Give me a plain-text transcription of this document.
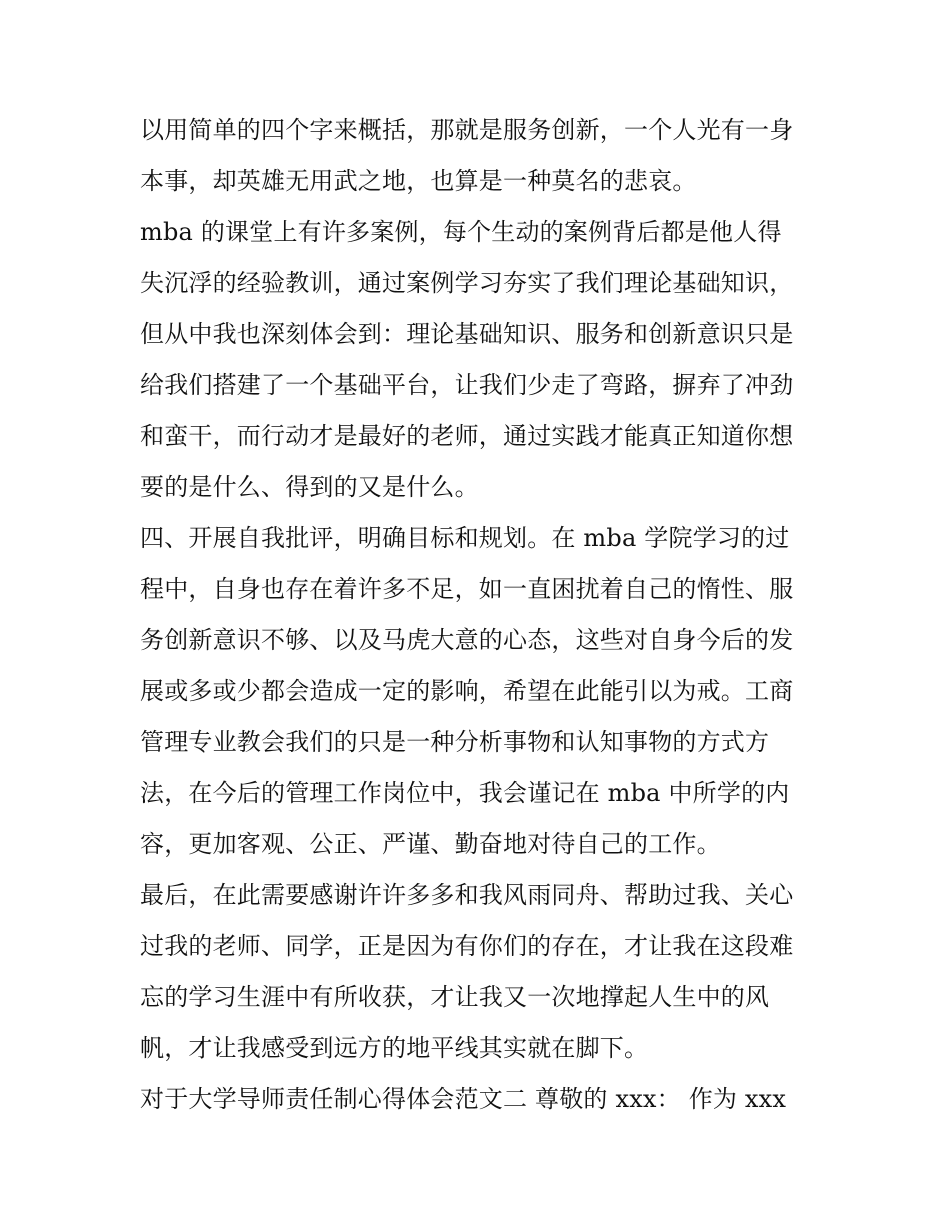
以用简单的四个字来概括，那就是服务创新，一个人光有一身
本事，却英雄无用武之地，也算是一种莫名的悲哀。
mba 的课堂上有许多案例，每个生动的案例背后都是他人得
失沉浮的经验教训，通过案例学习夯实了我们理论基础知识，
但从中我也深刻体会到：理论基础知识、服务和创新意识只是
给我们搭建了一个基础平台，让我们少走了弯路，摒弃了冲劲
和蛮干，而行动才是最好的老师，通过实践才能真正知道你想
要的是什么、得到的又是什么。
四、开展自我批评，明确目标和规划。在 mba 学院学习的过
程中，自身也存在着许多不足，如一直困扰着自己的惰性、服
务创新意识不够、以及马虎大意的心态，这些对自身今后的发
展或多或少都会造成一定的影响，希望在此能引以为戒。工商
管理专业教会我们的只是一种分析事物和认知事物的方式方
法，在今后的管理工作岗位中，我会谨记在 mba 中所学的内
容，更加客观、公正、严谨、勤奋地对待自己的工作。
最后，在此需要感谢许许多多和我风雨同舟、帮助过我、关心
过我的老师、同学，正是因为有你们的存在，才让我在这段难
忘的学习生涯中有所收获，才让我又一次地撑起人生中的风
帆，才让我感受到远方的地平线其实就在脚下。
对于大学导师责任制心得体会范文二 尊敬的 xxx： 作为 xxx
